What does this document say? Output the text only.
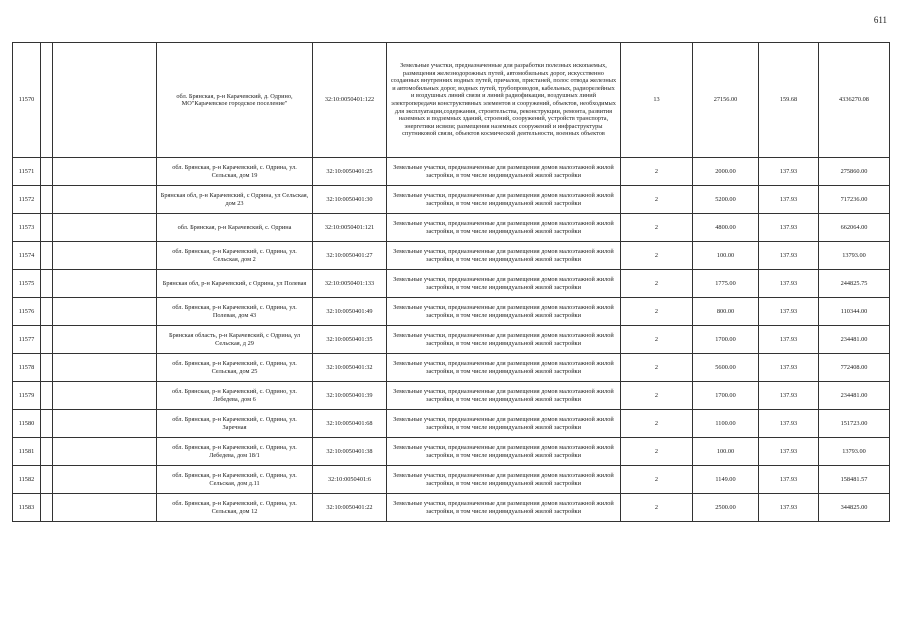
611
11570			обл. Брянская, р-н Карачевский, д. Одрино, МО"Карачевское городское поселение"	32:10:0050401:122	Земельные участки, предназначенные для разработки полезных ископаемых, размещения железнодорожных путей, автомобильных дорог, искусственно созданных внутренних водных путей, причалов, пристаней, полос отвода железных и автомобильных дорог, водных путей, трубопроводов, кабельных, радиорелейных и воздушных линий связи и линий радиофикации, воздушных линий электропередачи конструктивных элементов и сооружений, объектов, необходимых для эксплуатации,содержания, строительства, реконструкции, ремонта, развития наземных и подземных зданий, строений, сооружений, устройств транспорта, энергетики исвязи; размещения наземных сооружений и инфраструктуры спутниковой связи, объектов космической деятельности, военных объектов	13	27156.00	159.68	4336270.08
11571			обл. Брянская, р-н Карачевский, с. Одрина, ул. Сельская, дом 19	32:10:0050401:25	Земельные участки, предназначенные для размещения домов малоэтажной жилой застройки, в том числе индивидуальной жилой застройки	2	2000.00	137.93	275860.00
11572			Брянская обл, р-н Карачевский, с Одрина, ул Сельская, дом 23	32:10:0050401:30	Земельные участки, предназначенные для размещения домов малоэтажной жилой застройки, в том числе индивидуальной жилой застройки	2	5200.00	137.93	717236.00
11573			обл. Брянская, р-н Карачевский, с. Одрина	32:10:0050401:121	Земельные участки, предназначенные для размещения домов малоэтажной жилой застройки, в том числе индивидуальной жилой застройки	2	4800.00	137.93	662064.00
11574			обл. Брянская, р-н Карачевский, с. Одрина, ул. Сельская, дом 2	32:10:0050401:27	Земельные участки, предназначенные для размещения домов малоэтажной жилой застройки, в том числе индивидуальной жилой застройки	2	100.00	137.93	13793.00
11575			Брянская обл, р-н Карачевский, с Одрина, ул Полевая	32:10:0050401:133	Земельные участки, предназначенные для размещения домов малоэтажной жилой застройки, в том числе индивидуальной жилой застройки	2	1775.00	137.93	244825.75
11576			обл. Брянская, р-н Карачевский, с. Одрина, ул. Полевая, дом 43	32:10:0050401:49	Земельные участки, предназначенные для размещения домов малоэтажной жилой застройки, в том числе индивидуальной жилой застройки	2	800.00	137.93	110344.00
11577			Брянская область, р-н Карачевский, с Одрина, ул Сельская, д 29	32:10:0050401:35	Земельные участки, предназначенные для размещения домов малоэтажной жилой застройки, в том числе индивидуальной жилой застройки	2	1700.00	137.93	234481.00
11578			обл. Брянская, р-н Карачевский, с. Одрина, ул. Сельская, дом 25	32:10:0050401:32	Земельные участки, предназначенные для размещения домов малоэтажной жилой застройки, в том числе индивидуальной жилой застройки	2	5600.00	137.93	772408.00
11579			обл. Брянская, р-н Карачевский, с. Одрино, ул. Лебедева, дом 6	32:10:0050401:39	Земельные участки, предназначенные для размещения домов малоэтажной жилой застройки, в том числе индивидуальной жилой застройки	2	1700.00	137.93	234481.00
11580			обл. Брянская, р-н Карачевский, с. Одрина, ул. Заречная	32:10:0050401:68	Земельные участки, предназначенные для размещения домов малоэтажной жилой застройки, в том числе индивидуальной жилой застройки	2	1100.00	137.93	151723.00
11581			обл. Брянская, р-н Карачевский, с. Одрина, ул. Лебедева, дом 18/1	32:10:0050401:38	Земельные участки, предназначенные для размещения домов малоэтажной жилой застройки, в том числе индивидуальной жилой застройки	2	100.00	137.93	13793.00
11582			обл. Брянская, р-н Карачевский, с. Одрина, ул. Сельская, дом д.11	32:10:0050401:6	Земельные участки, предназначенные для размещения домов малоэтажной жилой застройки, в том числе индивидуальной жилой застройки	2	1149.00	137.93	158481.57
11583			обл. Брянская, р-н Карачевский, с. Одрина, ул. Сельская, дом 12	32:10:0050401:22	Земельные участки, предназначенные для размещения домов малоэтажной жилой застройки, в том числе индивидуальной жилой застройки	2	2500.00	137.93	344825.00
